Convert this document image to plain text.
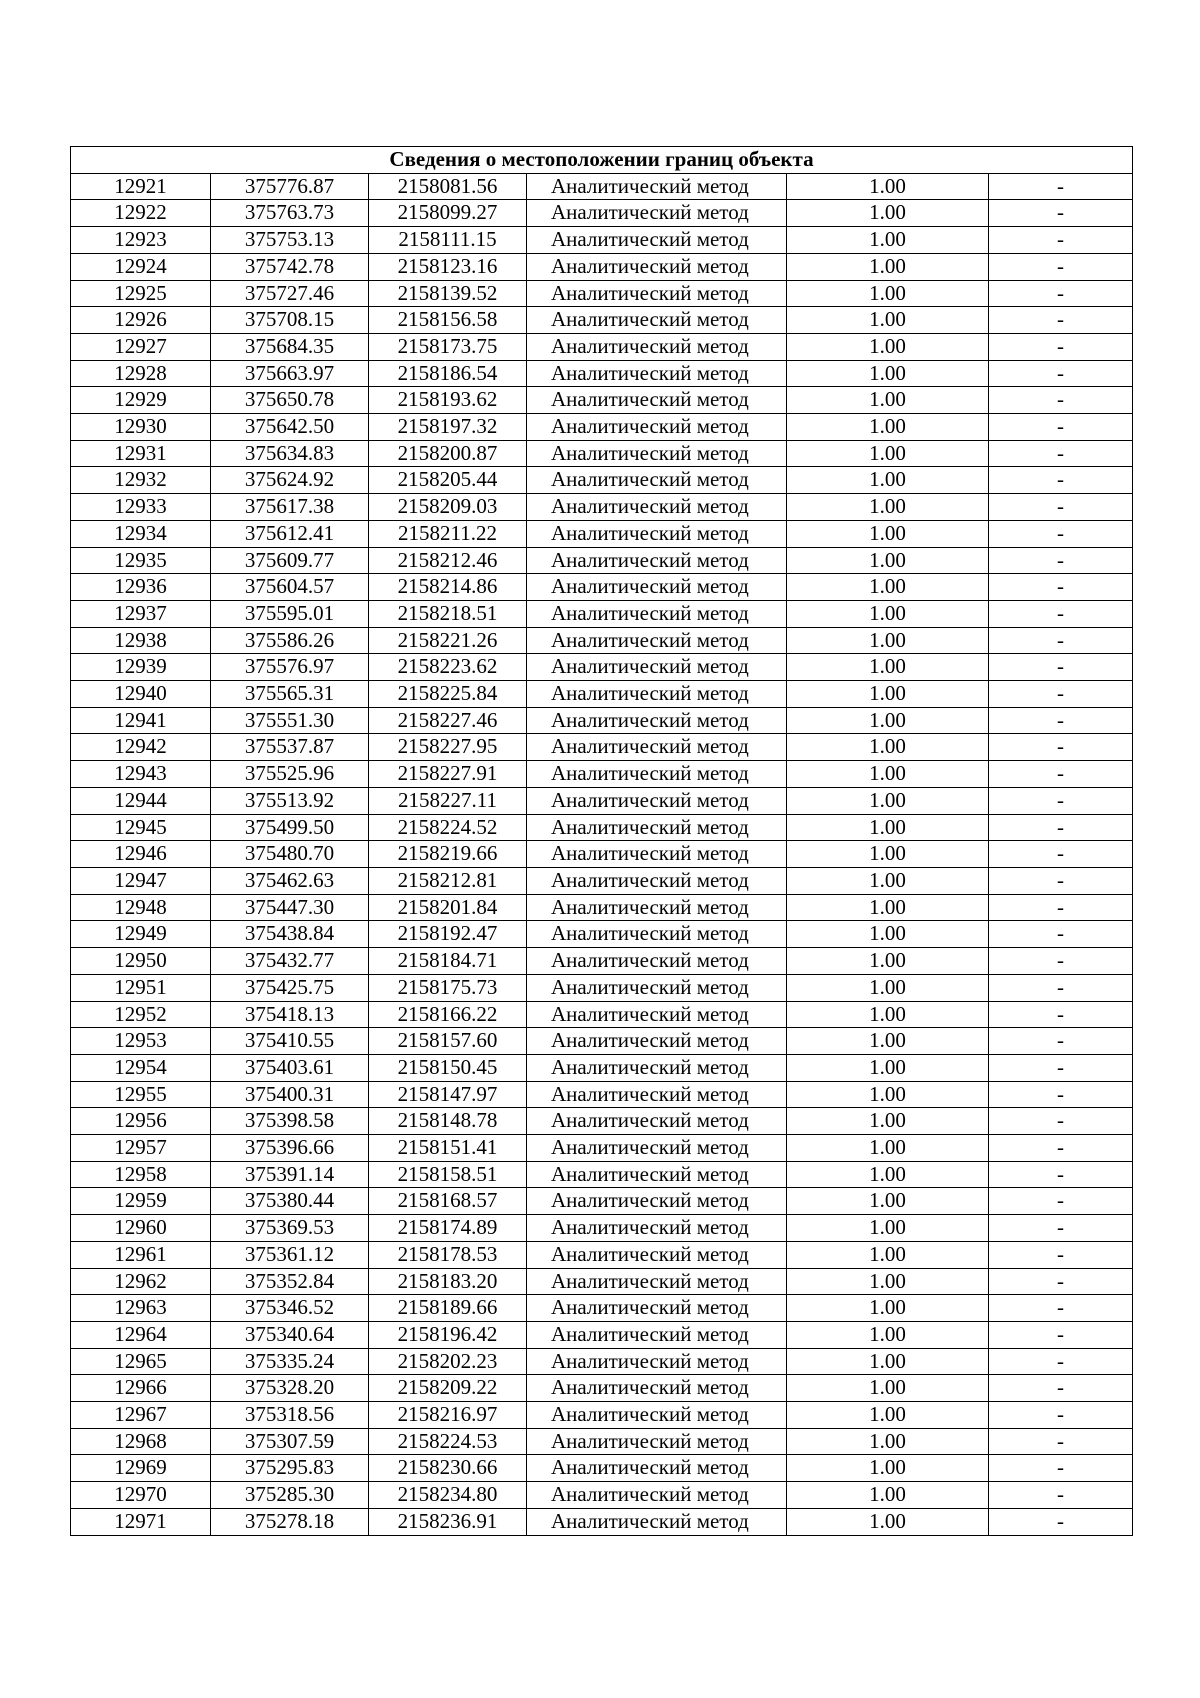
Сведения о местоположении границ объекта					
12921	375776.87	2158081.56	Аналитический метод	1.00	-
12922	375763.73	2158099.27	Аналитический метод	1.00	-
12923	375753.13	2158111.15	Аналитический метод	1.00	-
12924	375742.78	2158123.16	Аналитический метод	1.00	-
12925	375727.46	2158139.52	Аналитический метод	1.00	-
12926	375708.15	2158156.58	Аналитический метод	1.00	-
12927	375684.35	2158173.75	Аналитический метод	1.00	-
12928	375663.97	2158186.54	Аналитический метод	1.00	-
12929	375650.78	2158193.62	Аналитический метод	1.00	-
12930	375642.50	2158197.32	Аналитический метод	1.00	-
12931	375634.83	2158200.87	Аналитический метод	1.00	-
12932	375624.92	2158205.44	Аналитический метод	1.00	-
12933	375617.38	2158209.03	Аналитический метод	1.00	-
12934	375612.41	2158211.22	Аналитический метод	1.00	-
12935	375609.77	2158212.46	Аналитический метод	1.00	-
12936	375604.57	2158214.86	Аналитический метод	1.00	-
12937	375595.01	2158218.51	Аналитический метод	1.00	-
12938	375586.26	2158221.26	Аналитический метод	1.00	-
12939	375576.97	2158223.62	Аналитический метод	1.00	-
12940	375565.31	2158225.84	Аналитический метод	1.00	-
12941	375551.30	2158227.46	Аналитический метод	1.00	-
12942	375537.87	2158227.95	Аналитический метод	1.00	-
12943	375525.96	2158227.91	Аналитический метод	1.00	-
12944	375513.92	2158227.11	Аналитический метод	1.00	-
12945	375499.50	2158224.52	Аналитический метод	1.00	-
12946	375480.70	2158219.66	Аналитический метод	1.00	-
12947	375462.63	2158212.81	Аналитический метод	1.00	-
12948	375447.30	2158201.84	Аналитический метод	1.00	-
12949	375438.84	2158192.47	Аналитический метод	1.00	-
12950	375432.77	2158184.71	Аналитический метод	1.00	-
12951	375425.75	2158175.73	Аналитический метод	1.00	-
12952	375418.13	2158166.22	Аналитический метод	1.00	-
12953	375410.55	2158157.60	Аналитический метод	1.00	-
12954	375403.61	2158150.45	Аналитический метод	1.00	-
12955	375400.31	2158147.97	Аналитический метод	1.00	-
12956	375398.58	2158148.78	Аналитический метод	1.00	-
12957	375396.66	2158151.41	Аналитический метод	1.00	-
12958	375391.14	2158158.51	Аналитический метод	1.00	-
12959	375380.44	2158168.57	Аналитический метод	1.00	-
12960	375369.53	2158174.89	Аналитический метод	1.00	-
12961	375361.12	2158178.53	Аналитический метод	1.00	-
12962	375352.84	2158183.20	Аналитический метод	1.00	-
12963	375346.52	2158189.66	Аналитический метод	1.00	-
12964	375340.64	2158196.42	Аналитический метод	1.00	-
12965	375335.24	2158202.23	Аналитический метод	1.00	-
12966	375328.20	2158209.22	Аналитический метод	1.00	-
12967	375318.56	2158216.97	Аналитический метод	1.00	-
12968	375307.59	2158224.53	Аналитический метод	1.00	-
12969	375295.83	2158230.66	Аналитический метод	1.00	-
12970	375285.30	2158234.80	Аналитический метод	1.00	-
12971	375278.18	2158236.91	Аналитический метод	1.00	-
